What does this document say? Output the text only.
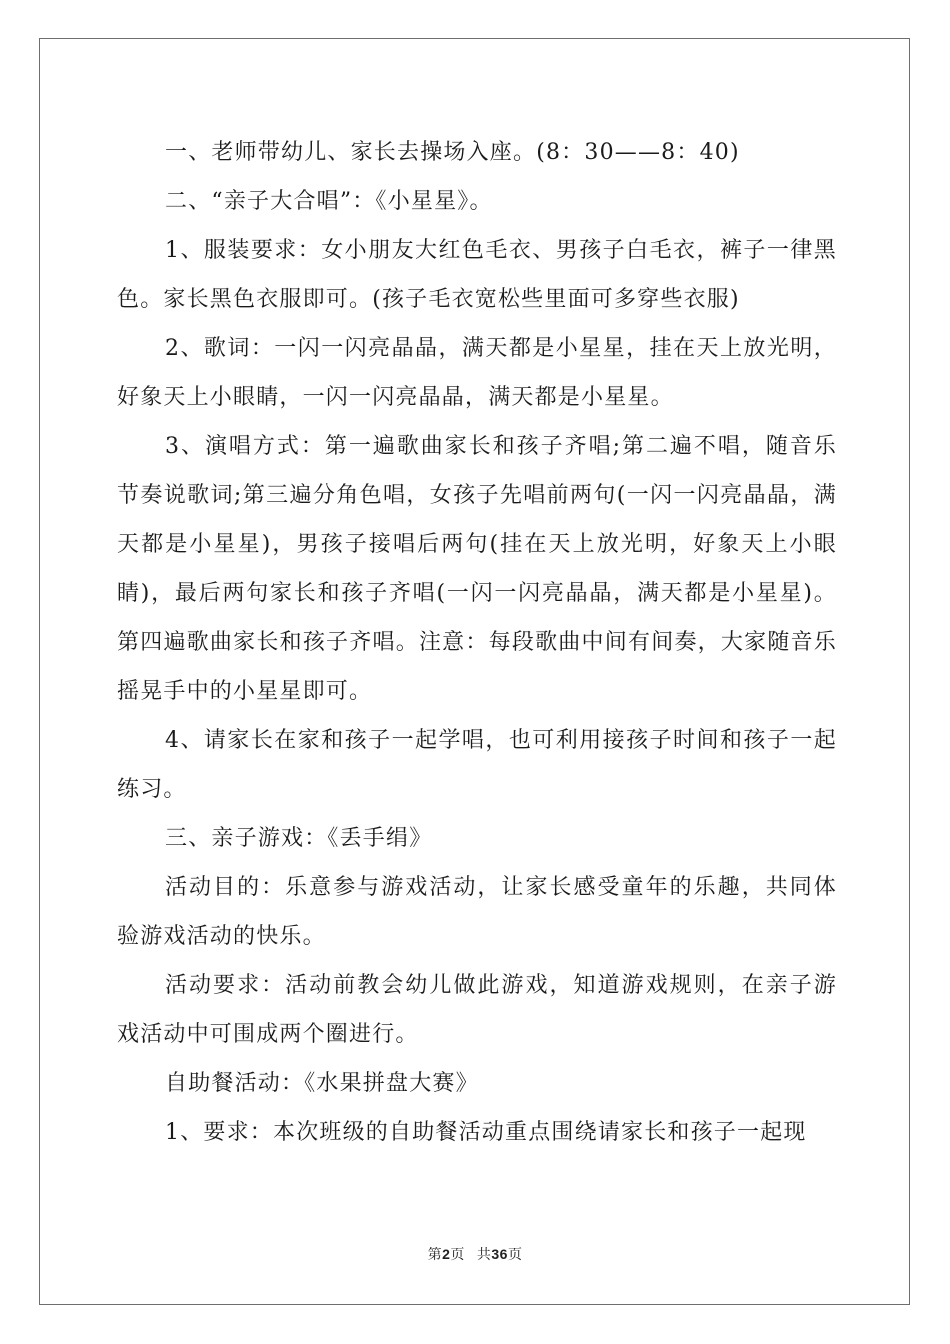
一、老师带幼儿、家长去操场入座。(8：30——8：40)

二、“亲子大合唱”：《小星星》。

1、服装要求：女小朋友大红色毛衣、男孩子白毛衣，裤子一律黑色。家长黑色衣服即可。(孩子毛衣宽松些里面可多穿些衣服)

2、歌词：一闪一闪亮晶晶，满天都是小星星，挂在天上放光明，好象天上小眼睛，一闪一闪亮晶晶，满天都是小星星。

3、演唱方式：第一遍歌曲家长和孩子齐唱;第二遍不唱，随音乐节奏说歌词;第三遍分角色唱，女孩子先唱前两句(一闪一闪亮晶晶，满天都是小星星)，男孩子接唱后两句(挂在天上放光明，好象天上小眼睛)，最后两句家长和孩子齐唱(一闪一闪亮晶晶，满天都是小星星)。第四遍歌曲家长和孩子齐唱。注意：每段歌曲中间有间奏，大家随音乐摇晃手中的小星星即可。

4、请家长在家和孩子一起学唱，也可利用接孩子时间和孩子一起练习。

三、亲子游戏：《丢手绢》

活动目的：乐意参与游戏活动，让家长感受童年的乐趣，共同体验游戏活动的快乐。

活动要求：活动前教会幼儿做此游戏，知道游戏规则，在亲子游戏活动中可围成两个圈进行。

自助餐活动：《水果拼盘大赛》

1、要求：本次班级的自助餐活动重点围绕请家长和孩子一起现

第2页 共36页
